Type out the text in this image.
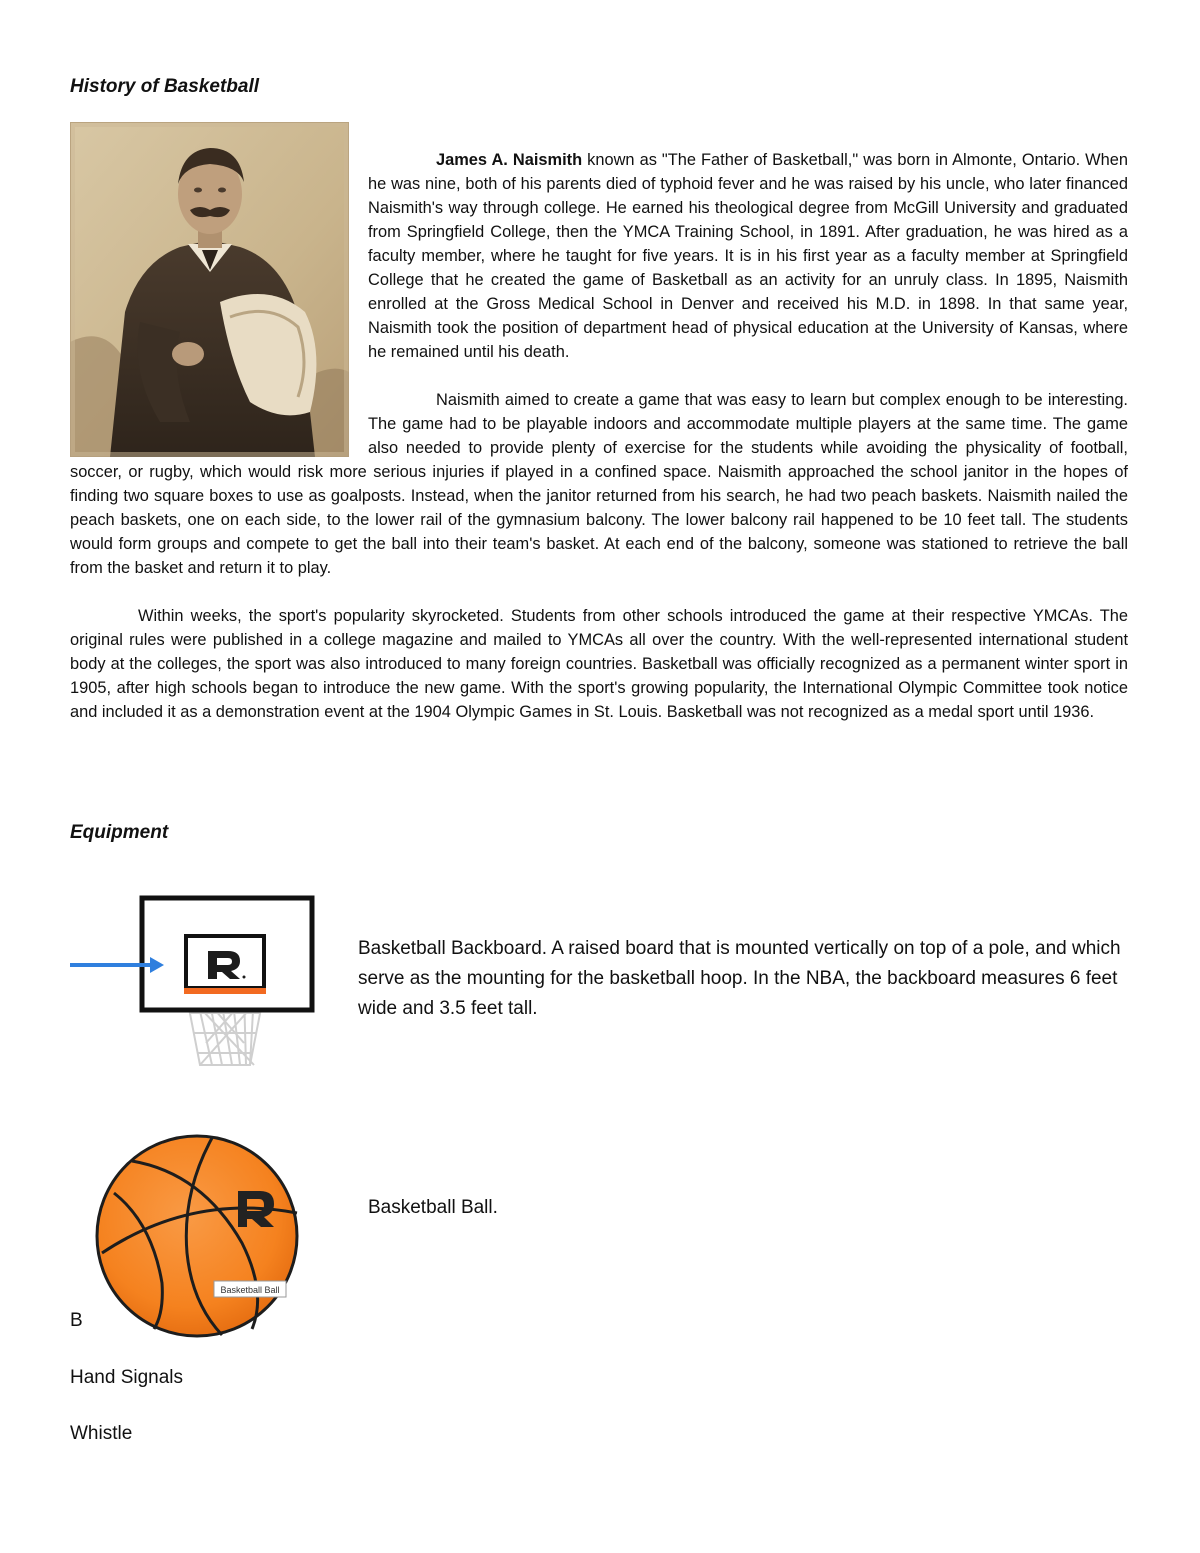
History of Basketball

James A. Naismith known as "The Father of Basketball," was born in Almonte, Ontario. When he was nine, both of his parents died of typhoid fever and he was raised by his uncle, who later financed Naismith's way through college. He earned his theological degree from McGill University and graduated from Springfield College, then the YMCA Training School, in 1891. After graduation, he was hired as a faculty member, where he taught for five years. It is in his first year as a faculty member at Springfield College that he created the game of Basketball as an activity for an unruly class. In 1895, Naismith enrolled at the Gross Medical School in Denver and received his M.D. in 1898. In that same year, Naismith took the position of department head of physical education at the University of Kansas, where he remained until his death.

Naismith aimed to create a game that was easy to learn but complex enough to be interesting. The game had to be playable indoors and accommodate multiple players at the same time. The game also needed to provide plenty of exercise for the students while avoiding the physicality of football, soccer, or rugby, which would risk more serious injuries if played in a confined space. Naismith approached the school janitor in the hopes of finding two square boxes to use as goalposts. Instead, when the janitor returned from his search, he had two peach baskets. Naismith nailed the peach baskets, one on each side, to the lower rail of the gymnasium balcony. The lower balcony rail happened to be 10 feet tall. The students would form groups and compete to get the ball into their team's basket. At each end of the balcony, someone was stationed to retrieve the ball from the basket and return it to play.

Within weeks, the sport's popularity skyrocketed. Students from other schools introduced the game at their respective YMCAs. The original rules were published in a college magazine and mailed to YMCAs all over the country. With the well-represented international student body at the colleges, the sport was also introduced to many foreign countries. Basketball was officially recognized as a permanent winter sport in 1905, after high schools began to introduce the new game. With the sport's growing popularity, the International Olympic Committee took notice and included it as a demonstration event at the 1904 Olympic Games in St. Louis. Basketball was not recognized as a medal sport until 1936.

Equipment

Basketball Backboard. A raised board that is mounted vertically on top of a pole, and which serve as the mounting for the basketball hoop. In the NBA, the backboard measures 6 feet wide and 3.5 feet tall.

Basketball Ball

Basketball Ball.

B

Hand Signals

Whistle
